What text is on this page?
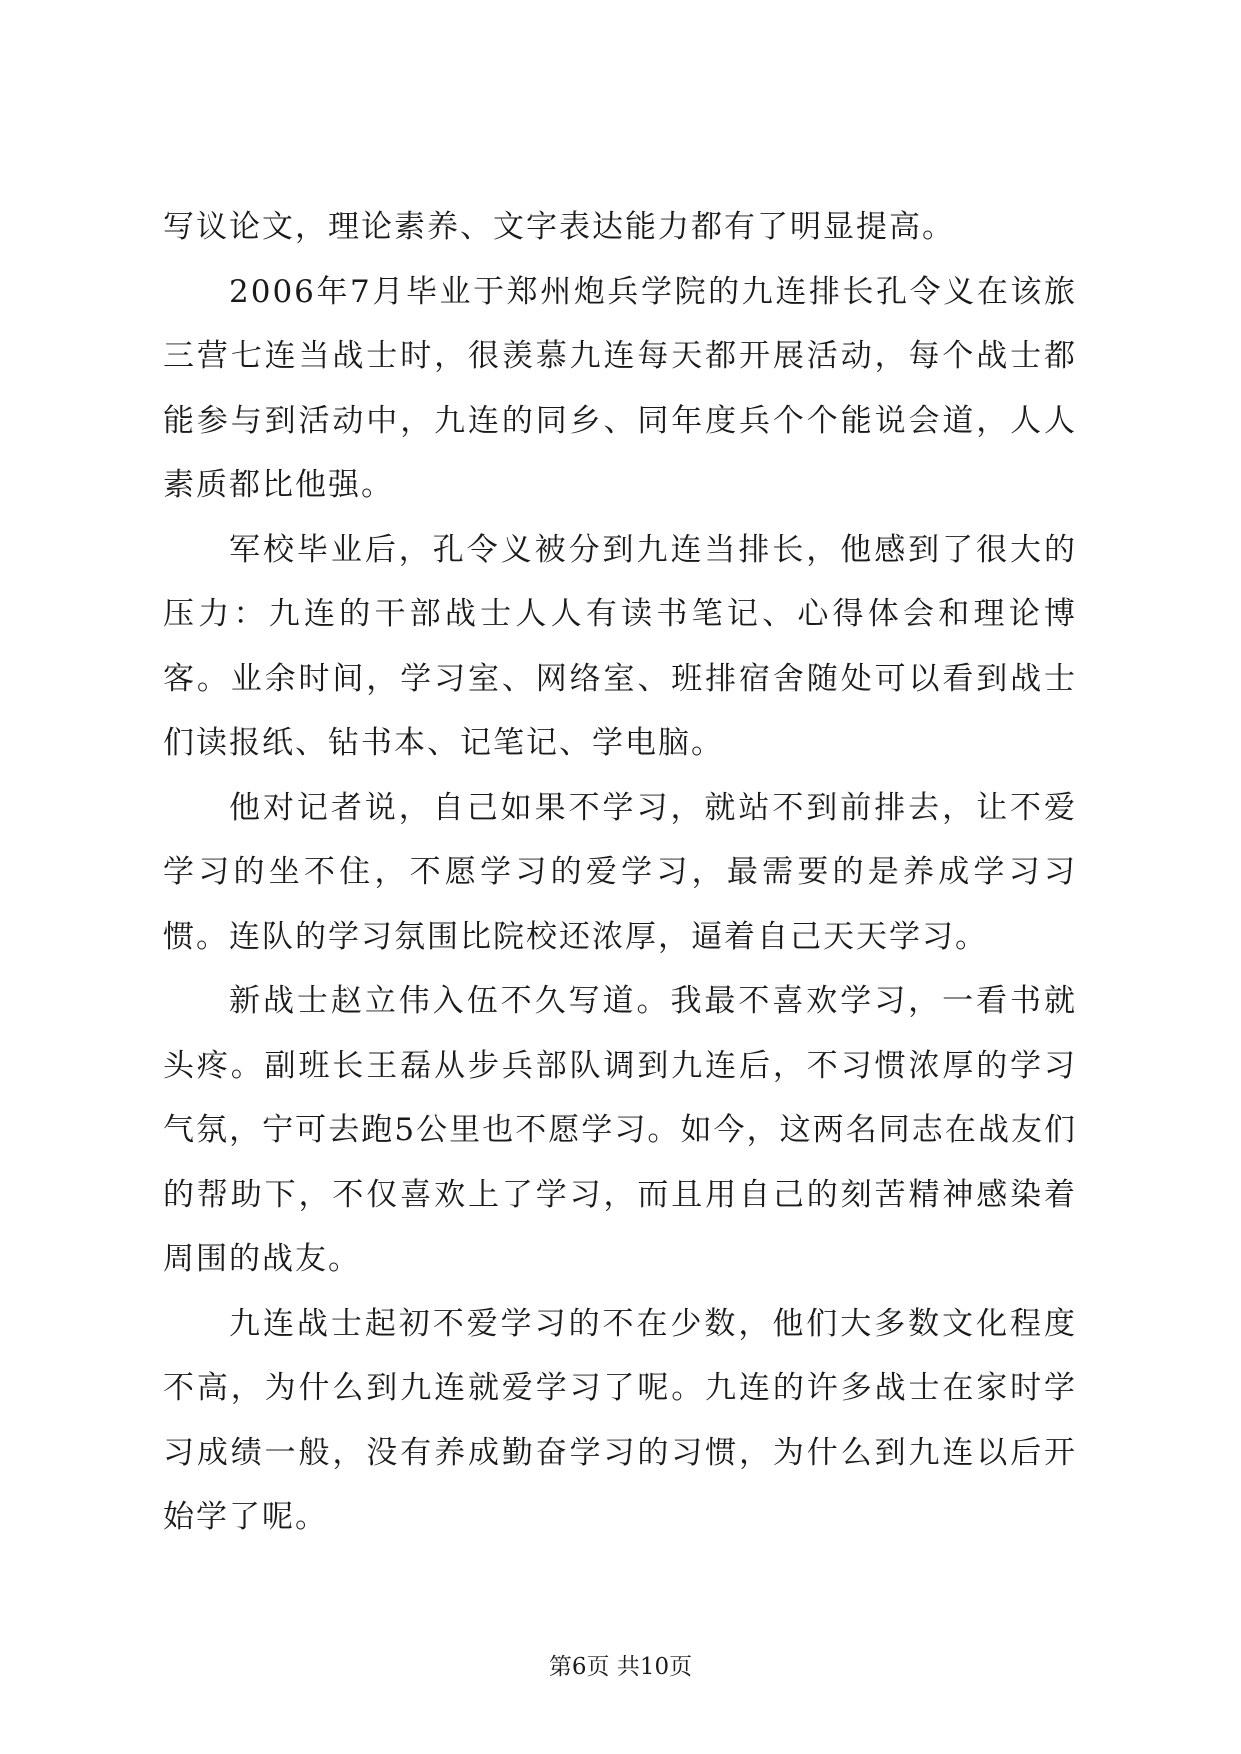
写议论文，理论素养、文字表达能力都有了明显提高。

2006年7月毕业于郑州炮兵学院的九连排长孔令义在该旅三营七连当战士时，很羡慕九连每天都开展活动，每个战士都能参与到活动中，九连的同乡、同年度兵个个能说会道，人人素质都比他强。

军校毕业后，孔令义被分到九连当排长，他感到了很大的压力：九连的干部战士人人有读书笔记、心得体会和理论博客。业余时间，学习室、网络室、班排宿舍随处可以看到战士们读报纸、钻书本、记笔记、学电脑。

他对记者说，自己如果不学习，就站不到前排去，让不爱学习的坐不住，不愿学习的爱学习，最需要的是养成学习习惯。连队的学习氛围比院校还浓厚，逼着自己天天学习。

新战士赵立伟入伍不久写道。我最不喜欢学习，一看书就头疼。副班长王磊从步兵部队调到九连后，不习惯浓厚的学习气氛，宁可去跑5公里也不愿学习。如今，这两名同志在战友们的帮助下，不仅喜欢上了学习，而且用自己的刻苦精神感染着周围的战友。

九连战士起初不爱学习的不在少数，他们大多数文化程度不高，为什么到九连就爱学习了呢。九连的许多战士在家时学习成绩一般，没有养成勤奋学习的习惯，为什么到九连以后开始学了呢。

第6页 共10页
